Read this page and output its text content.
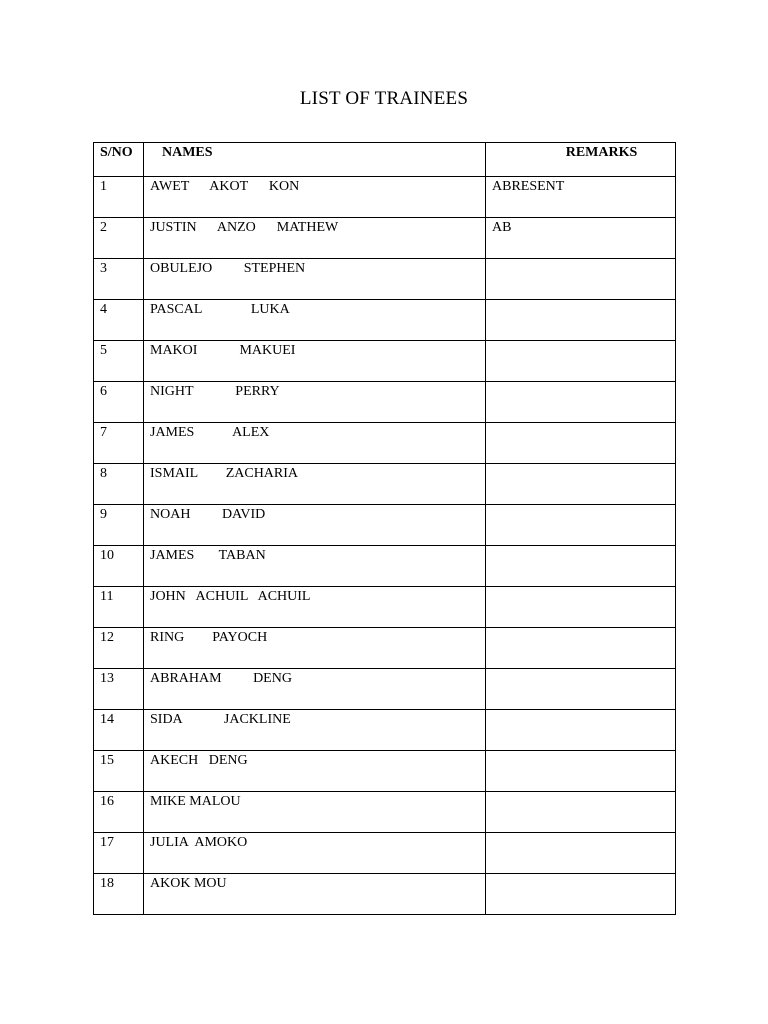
LIST OF TRAINEES
S/NO	NAMES	REMARKS
1	AWET      AKOT      KON	ABRESENT
2	JUSTIN      ANZO      MATHEW	AB
3	OBULEJO         STEPHEN	
4	PASCAL              LUKA	
5	MAKOI            MAKUEI	
6	NIGHT            PERRY	
7	JAMES           ALEX	
8	ISMAIL        ZACHARIA	
9	NOAH         DAVID	
10	JAMES       TABAN	
11	JOHN   ACHUIL   ACHUIL	
12	RING        PAYOCH	
13	ABRAHAM         DENG	
14	SIDA            JACKLINE	
15	AKECH   DENG	
16	MIKE MALOU	
17	JULIA  AMOKO	
18	AKOK MOU	
